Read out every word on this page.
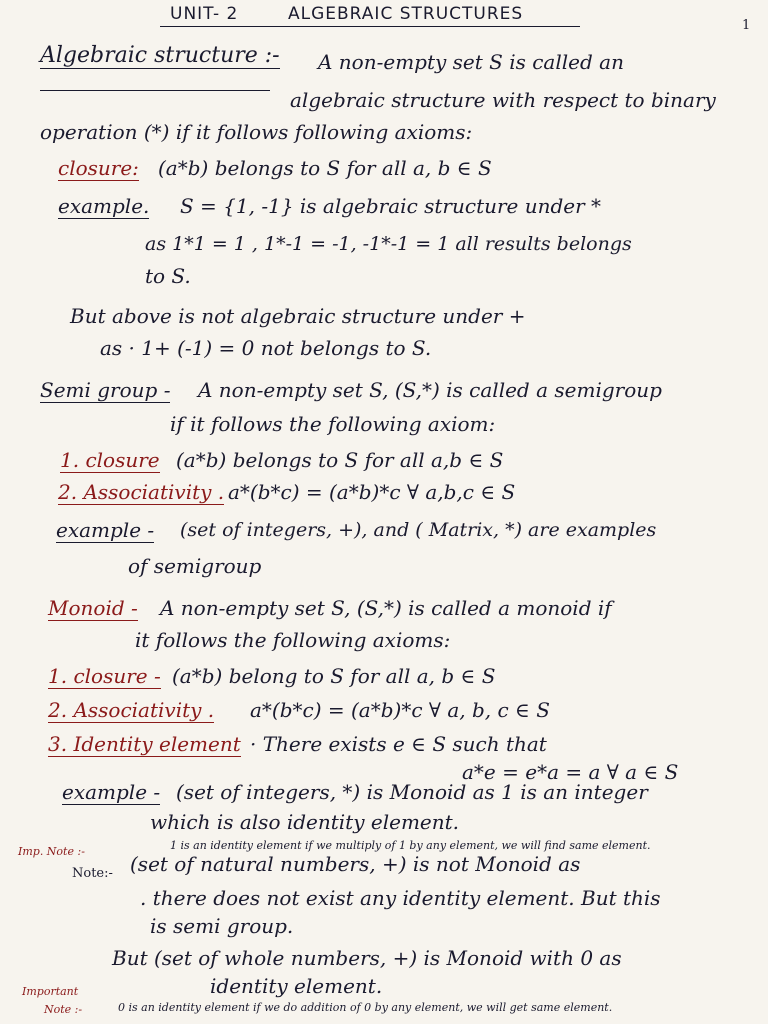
UNIT- 2	ALGEBRAIC STRUCTURES
1
Algebraic structure :- A non-empty set S is called an
algebraic structure with respect to binary
operation (*) if it follows following axioms:
closure: (a*b) belongs to S for all a, b ∈ S
example. S = {1, -1} is algebraic structure under *
as 1*1 = 1 , 1*-1 = -1, -1*-1 = 1 all results belongs
to S.
But above is not algebraic structure under +
as · 1+ (-1) = 0 not belongs to S.
Semi group - A non-empty set S, (S,*) is called a semigroup
if it follows the following axiom:
1. closure (a*b) belongs to S for all a,b ∈ S
2. Associativity . a*(b*c) = (a*b)*c ∀ a,b,c ∈ S
example - (set of integers, +), and ( Matrix, *) are examples
of semigroup
Monoid - A non-empty set S, (S,*) is called a monoid if
it follows the following axioms:
1. closure - (a*b) belong to S for all a, b ∈ S
2. Associativity . a*(b*c) = (a*b)*c ∀ a, b, c ∈ S
3. Identity element · There exists e ∈ S such that
a*e = e*a = a ∀ a ∈ S
example - (set of integers, *) is Monoid as 1 is an integer
which is also identity element.
Imp. Note :-	1 is an identity element if we multiply of 1 by any element, we will find same element.
Note:- (set of natural numbers, +) is not Monoid as
. there does not exist any identity element. But this
is semi group.
But (set of whole numbers, +) is Monoid with 0 as
identity element.
Important
Note :-	0 is an identity element if we do addition of 0 by any element, we will get same element.
